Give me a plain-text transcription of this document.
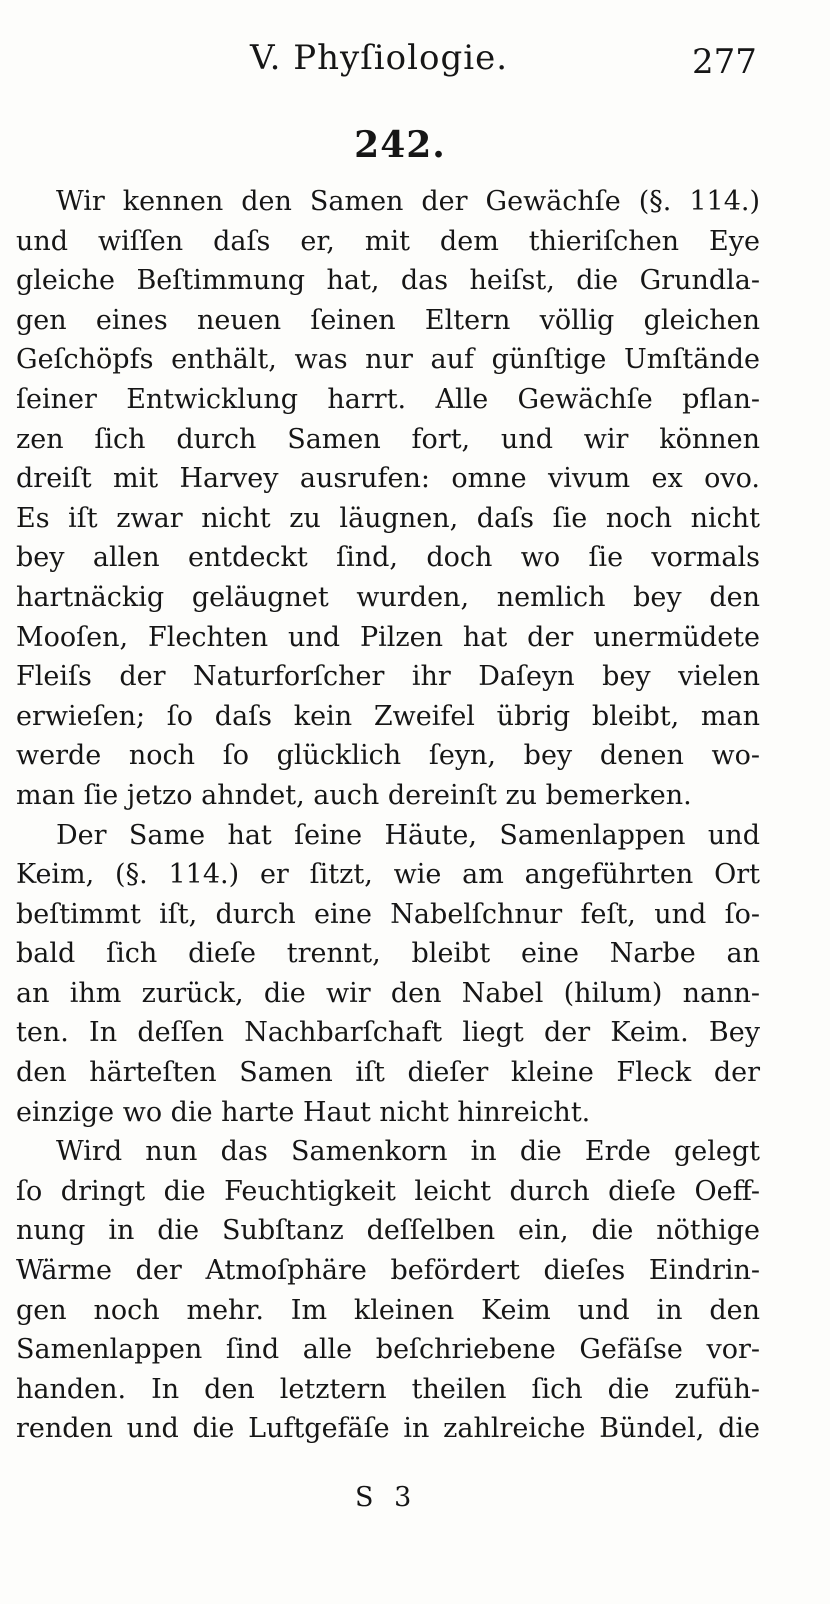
V. Phyſiologie.	277
242.
Wir kennen den Samen der Gewächſe (§. 114.)
und wiſſen daſs er, mit dem thieriſchen Eye
gleiche Beſtimmung hat, das heiſst, die Grundla-
gen eines neuen ſeinen Eltern völlig gleichen
Geſchöpfs enthält, was nur auf günſtige Umſtände
ſeiner Entwicklung harrt. Alle Gewächſe pflan-
zen ſich durch Samen fort, und wir können
dreiſt mit Harvey ausrufen: omne vivum ex ovo.
Es iſt zwar nicht zu läugnen, daſs ſie noch nicht
bey allen entdeckt ſind, doch wo ſie vormals
hartnäckig geläugnet wurden, nemlich bey den
Mooſen, Flechten und Pilzen hat der unermüdete
Fleiſs der Naturforſcher ihr Daſeyn bey vielen
erwieſen; ſo daſs kein Zweifel übrig bleibt, man
werde noch ſo glücklich ſeyn, bey denen wo-
man ſie jetzo ahndet, auch dereinſt zu bemerken.
Der Same hat ſeine Häute, Samenlappen und
Keim, (§. 114.) er ſitzt, wie am angeführten Ort
beſtimmt iſt, durch eine Nabelſchnur feſt, und ſo-
bald ſich dieſe trennt, bleibt eine Narbe an
an ihm zurück, die wir den Nabel (hilum) nann-
ten. In deſſen Nachbarſchaft liegt der Keim. Bey
den härteſten Samen iſt dieſer kleine Fleck der
einzige wo die harte Haut nicht hinreicht.
Wird nun das Samenkorn in die Erde gelegt
ſo dringt die Feuchtigkeit leicht durch dieſe Oeff-
nung in die Subſtanz deſſelben ein, die nöthige
Wärme der Atmoſphäre befördert dieſes Eindrin-
gen noch mehr. Im kleinen Keim und in den
Samenlappen ſind alle beſchriebene Gefäſse vor-
handen. In den letztern theilen ſich die zufüh-
renden und die Luftgefäſe in zahlreiche Bündel, die
S 3
